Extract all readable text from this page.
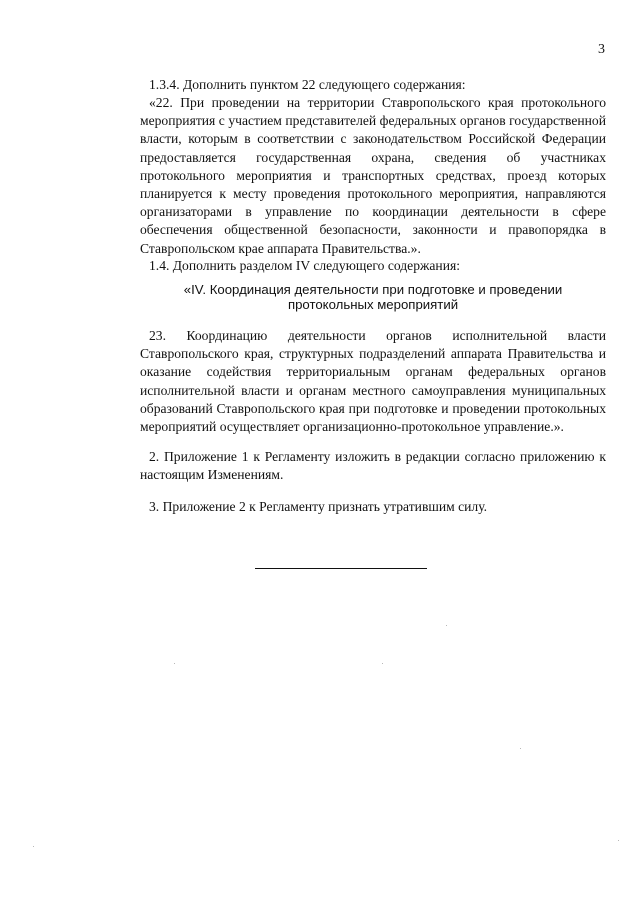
3

1.3.4. Дополнить пунктом 22 следующего содержания:

«22. При проведении на территории Ставропольского края протокольного мероприятия с участием представителей федеральных органов государственной власти, которым в соответствии с законодательством Российской Федерации предоставляется государственная охрана, сведения об участниках протокольного мероприятия и транспортных средствах, проезд которых планируется к месту проведения протокольного мероприятия, направляются организаторами в управление по координации деятельности в сфере обеспечения общественной безопасности, законности и правопорядка в Ставропольском крае аппарата Правительства.».

1.4. Дополнить разделом IV следующего содержания:

«IV. Координация деятельности при подготовке и проведении
протокольных мероприятий

23. Координацию деятельности органов исполнительной власти Ставропольского края, структурных подразделений аппарата Правительства и оказание содействия территориальным органам федеральных органов исполнительной власти и органам местного самоуправления муниципальных образований Ставропольского края при подготовке и проведении протокольных мероприятий осуществляет организационно-протокольное управление.».

2. Приложение 1 к Регламенту изложить в редакции согласно приложению к настоящим Изменениям.

3. Приложение 2 к Регламенту признать утратившим силу.
